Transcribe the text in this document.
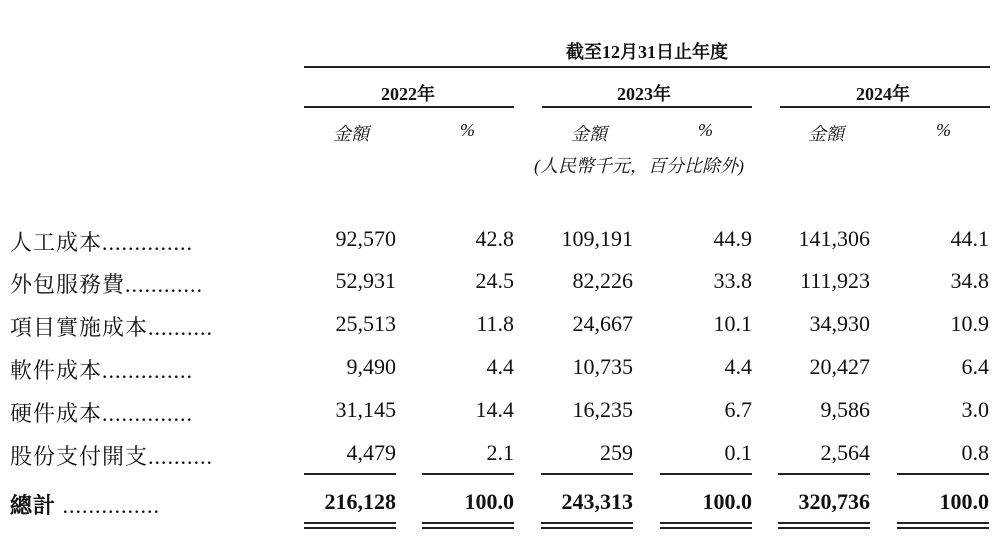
截至12月31日止年度
2022年	2023年	2024年
金額	%	金額	%	金額	%
(人民幣千元，百分比除外)
人工成本..............	92,570	42.8	109,191	44.9	141,306	44.1
外包服務費............	52,931	24.5	82,226	33.8	111,923	34.8
項目實施成本..........	25,513	11.8	24,667	10.1	34,930	10.9
軟件成本..............	9,490	4.4	10,735	4.4	20,427	6.4
硬件成本..............	31,145	14.4	16,235	6.7	9,586	3.0
股份支付開支..........	4,479	2.1	259	0.1	2,564	0.8
總計 ...............	216,128	100.0	243,313	100.0	320,736	100.0
